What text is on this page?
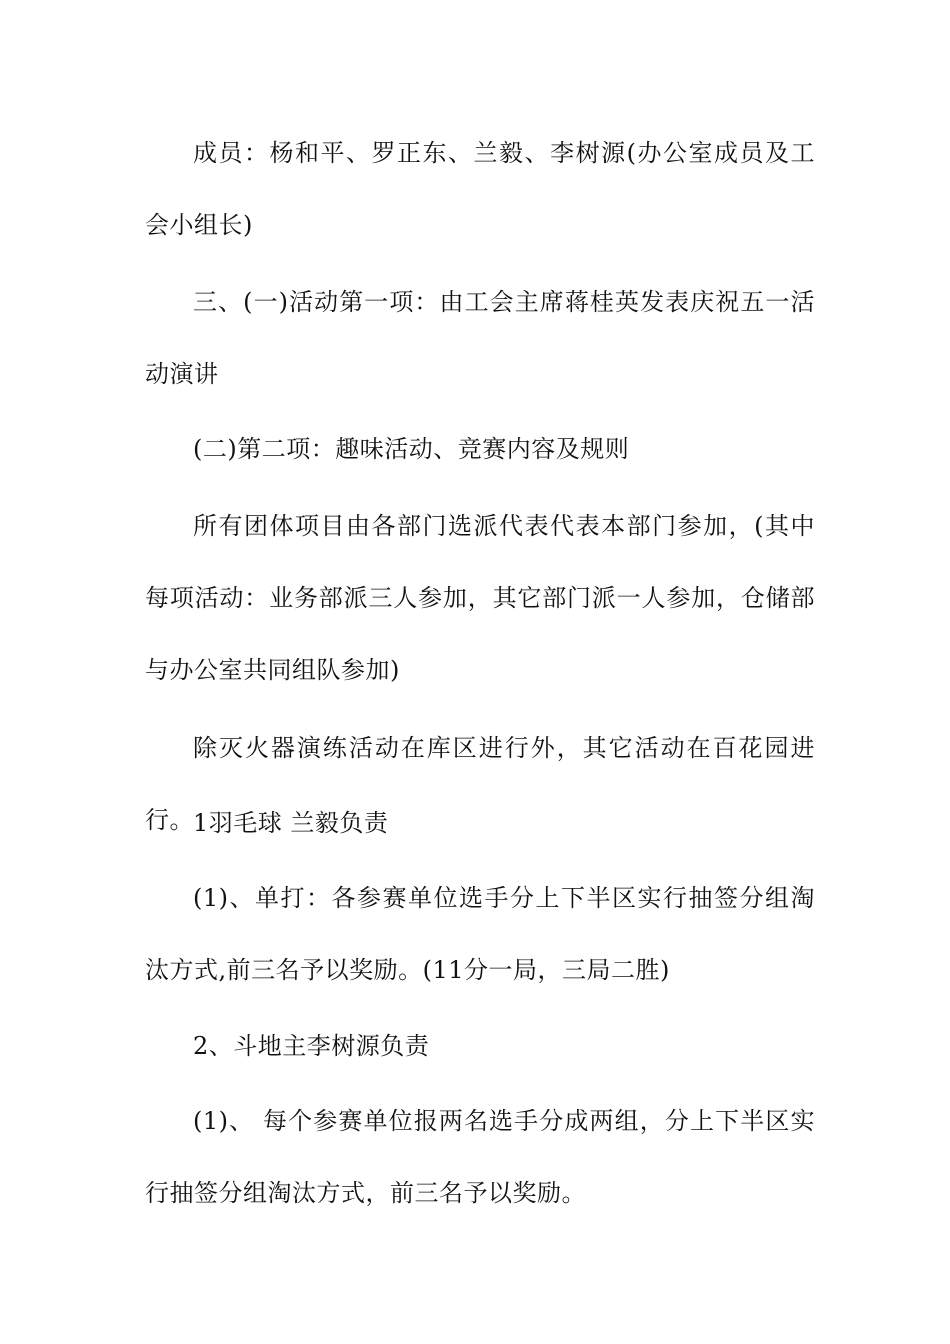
成员：杨和平、罗正东、兰毅、李树源(办公室成员及工会小组长)

三、(一)活动第一项：由工会主席蒋桂英发表庆祝五一活动演讲

(二)第二项：趣味活动、竞赛内容及规则

所有团体项目由各部门选派代表代表本部门参加，(其中每项活动：业务部派三人参加，其它部门派一人参加，仓储部与办公室共同组队参加)

除灭火器演练活动在库区进行外，其它活动在百花园进行。 1羽毛球 兰毅负责

(1)、单打：各参赛单位选手分上下半区实行抽签分组淘汰方式,前三名予以奖励。(11分一局，三局二胜)

2、斗地主李树源负责

(1)、 每个参赛单位报两名选手分成两组，分上下半区实行抽签分组淘汰方式，前三名予以奖励。
